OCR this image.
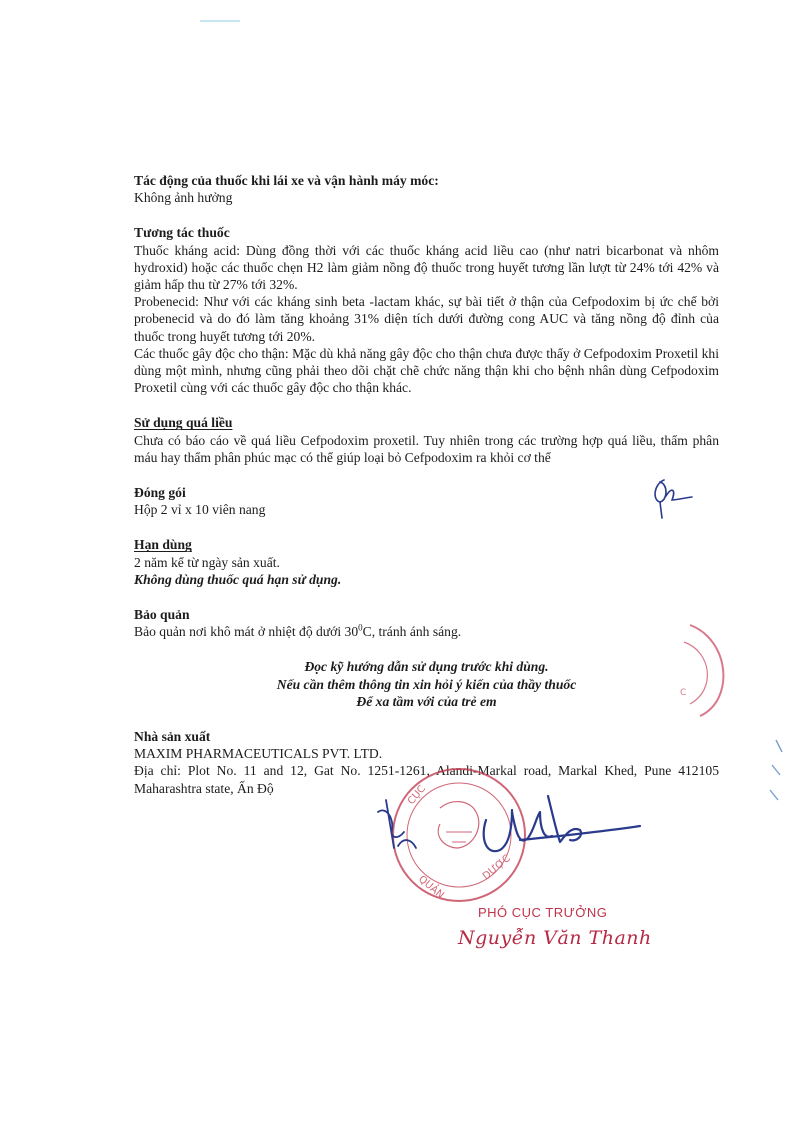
Tác động của thuốc khi lái xe và vận hành máy móc:

Không ảnh hưởng

Tương tác thuốc

Thuốc kháng acid: Dùng đồng thời với các thuốc kháng acid liều cao (như natri bicarbonat và nhôm hydroxid) hoặc các thuốc chẹn H2 làm giảm nồng độ thuốc trong huyết tương lần lượt từ 24% tới 42% và giảm hấp thu từ 27% tới 32%.

Probenecid: Như với các kháng sinh beta -lactam khác, sự bài tiết ở thận của Cefpodoxim bị ức chế bởi probenecid và do đó làm tăng khoảng 31% diện tích dưới đường cong AUC và tăng nồng độ đỉnh của thuốc trong huyết tương tới 20%.

Các thuốc gây độc cho thận: Mặc dù khả năng gây độc cho thận chưa được thấy ở Cefpodoxim Proxetil khi dùng một mình, nhưng cũng phải theo dõi chặt chẽ chức năng thận khi cho bệnh nhân dùng Cefpodoxim Proxetil cùng với các thuốc gây độc cho thận khác.

Sử dụng quá liều

Chưa có báo cáo về quá liều Cefpodoxim proxetil. Tuy nhiên trong các trường hợp quá liều, thẩm phân máu hay thẩm phân phúc mạc có thể giúp loại bỏ Cefpodoxim ra khỏi cơ thể

Đóng gói

Hộp 2 vỉ x 10 viên nang

Hạn dùng

2 năm kể từ ngày sản xuất.

Không dùng thuốc quá hạn sử dụng.

Bảo quản

Bảo quản nơi khô mát ở nhiệt độ dưới $30^0C$, tránh ánh sáng.

Đọc kỹ hướng dẫn sử dụng trước khi dùng.
Nếu cần thêm thông tin xin hỏi ý kiến của thầy thuốc
Để xa tầm với của trẻ em
Nhà sản xuất

MAXIM PHARMACEUTICALS PVT. LTD.

Địa chỉ: Plot No. 11 and 12, Gat No. 1251-1261, Alandi-Markal road, Markal Khed, Pune 412105 Maharashtra state, Ấn Độ

C
CỤC
QUẢN
DƯỢC
PHÓ CỤC TRƯỞNG
Nguyễn Văn Thanh
